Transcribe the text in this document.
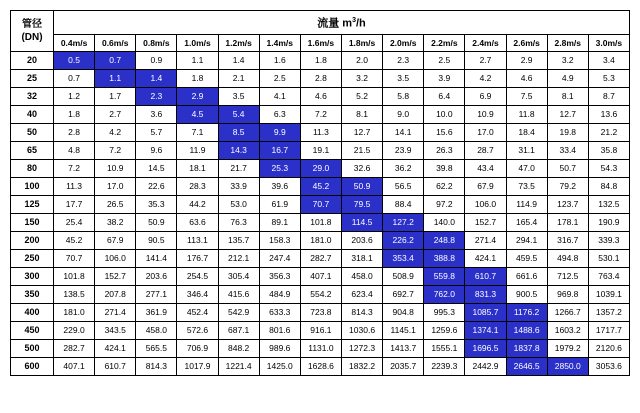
管径
(DN)	流量 $m^3/h$													
	0.4m/s	0.6m/s	0.8m/s	1.0m/s	1.2m/s	1.4m/s	1.6m/s	1.8m/s	2.0m/s	2.2m/s	2.4m/s	2.6m/s	2.8m/s	3.0m/s
20	0.5	0.7	0.9	1.1	1.4	1.6	1.8	2.0	2.3	2.5	2.7	2.9	3.2	3.4
25	0.7	1.1	1.4	1.8	2.1	2.5	2.8	3.2	3.5	3.9	4.2	4.6	4.9	5.3
32	1.2	1.7	2.3	2.9	3.5	4.1	4.6	5.2	5.8	6.4	6.9	7.5	8.1	8.7
40	1.8	2.7	3.6	4.5	5.4	6.3	7.2	8.1	9.0	10.0	10.9	11.8	12.7	13.6
50	2.8	4.2	5.7	7.1	8.5	9.9	11.3	12.7	14.1	15.6	17.0	18.4	19.8	21.2
65	4.8	7.2	9.6	11.9	14.3	16.7	19.1	21.5	23.9	26.3	28.7	31.1	33.4	35.8
80	7.2	10.9	14.5	18.1	21.7	25.3	29.0	32.6	36.2	39.8	43.4	47.0	50.7	54.3
100	11.3	17.0	22.6	28.3	33.9	39.6	45.2	50.9	56.5	62.2	67.9	73.5	79.2	84.8
125	17.7	26.5	35.3	44.2	53.0	61.9	70.7	79.5	88.4	97.2	106.0	114.9	123.7	132.5
150	25.4	38.2	50.9	63.6	76.3	89.1	101.8	114.5	127.2	140.0	152.7	165.4	178.1	190.9
200	45.2	67.9	90.5	113.1	135.7	158.3	181.0	203.6	226.2	248.8	271.4	294.1	316.7	339.3
250	70.7	106.0	141.4	176.7	212.1	247.4	282.7	318.1	353.4	388.8	424.1	459.5	494.8	530.1
300	101.8	152.7	203.6	254.5	305.4	356.3	407.1	458.0	508.9	559.8	610.7	661.6	712.5	763.4
350	138.5	207.8	277.1	346.4	415.6	484.9	554.2	623.4	692.7	762.0	831.3	900.5	969.8	1039.1
400	181.0	271.4	361.9	452.4	542.9	633.3	723.8	814.3	904.8	995.3	1085.7	1176.2	1266.7	1357.2
450	229.0	343.5	458.0	572.6	687.1	801.6	916.1	1030.6	1145.1	1259.6	1374.1	1488.6	1603.2	1717.7
500	282.7	424.1	565.5	706.9	848.2	989.6	1131.0	1272.3	1413.7	1555.1	1696.5	1837.8	1979.2	2120.6
600	407.1	610.7	814.3	1017.9	1221.4	1425.0	1628.6	1832.2	2035.7	2239.3	2442.9	2646.5	2850.0	3053.6
